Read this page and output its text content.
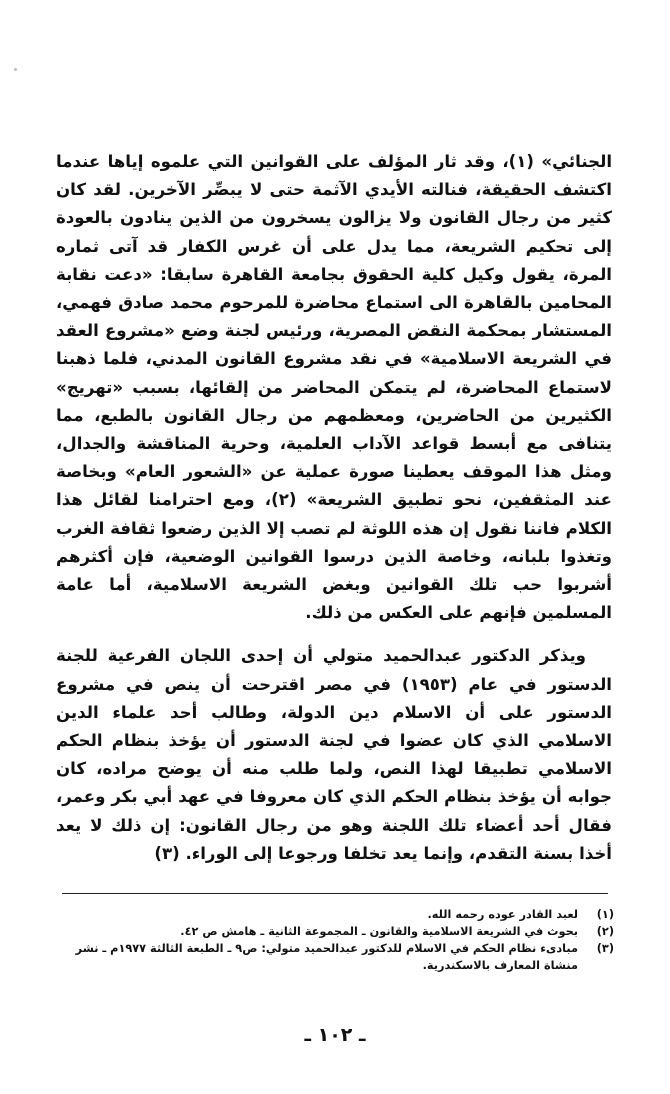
الجنائي» (١)، وقد ثار المؤلف على القوانين التي علموه إياها عندما اكتشف الحقيقة، فنالته الأيدي الآثمة حتى لا يبصِّر الآخرين. لقد كان كثير من رجال القانون ولا يزالون يسخرون من الذين ينادون بالعودة إلى تحكيم الشريعة، مما يدل على أن غرس الكفار قد آتى ثماره المرة، يقول وكيل كلية الحقوق بجامعة القاهرة سابقا: «دعت نقابة المحامين بالقاهرة الى استماع محاضرة للمرحوم محمد صادق فهمي، المستشار بمحكمة النقض المصرية، ورئيس لجنة وضع «مشروع العقد في الشريعة الاسلامية» في نقد مشروع القانون المدني، فلما ذهبنا لاستماع المحاضرة، لم يتمكن المحاضر من إلقائها، بسبب «تهريج» الكثيرين من الحاضرين، ومعظمهم من رجال القانون بالطبع، مما يتنافى مع أبسط قواعد الآداب العلمية، وحرية المناقشة والجدال، ومثل هذا الموقف يعطينا صورة عملية عن «الشعور العام» وبخاصة عند المثقفين، نحو تطبيق الشريعة» (٢)، ومع احترامنا لقائل هذا الكلام فاننا نقول إن هذه اللوثة لم تصب إلا الذين رضعوا ثقافة الغرب وتغذوا بلبانه، وخاصة الذين درسوا القوانين الوضعية، فإن أكثرهم أشربوا حب تلك القوانين وبغض الشريعة الاسلامية، أما عامة المسلمين فإنهم على العكس من ذلك.

ويذكر الدكتور عبدالحميد متولي أن إحدى اللجان الفرعية للجنة الدستور في عام (١٩٥٣) في مصر اقترحت أن ينص في مشروع الدستور على أن الاسلام دين الدولة، وطالب أحد علماء الدين الاسلامي الذي كان عضوا في لجنة الدستور أن يؤخذ بنظام الحكم الاسلامي تطبيقا لهذا النص، ولما طلب منه أن يوضح مراده، كان جوابه أن يؤخذ بنظام الحكم الذي كان معروفا في عهد أبي بكر وعمر، فقال أحد أعضاء تلك اللجنة وهو من رجال القانون: إن ذلك لا يعد أخذا بسنة التقدم، وإنما يعد تخلفا ورجوعا إلى الوراء. (٣)

(١)
لعبد القادر عوده رحمه الله.
(٢)
بحوث في الشريعة الاسلامية والقانون ـ المجموعة الثانية ـ هامش ص ٤٢.
(٣)
مبادىء نظام الحكم في الاسلام للدكتور عبدالحميد متولي: ص٩ ـ الطبعة الثالثة ١٩٧٧م ـ نشر منشاة المعارف بالاسكندرية.
ـ ١٠٢ ـ
